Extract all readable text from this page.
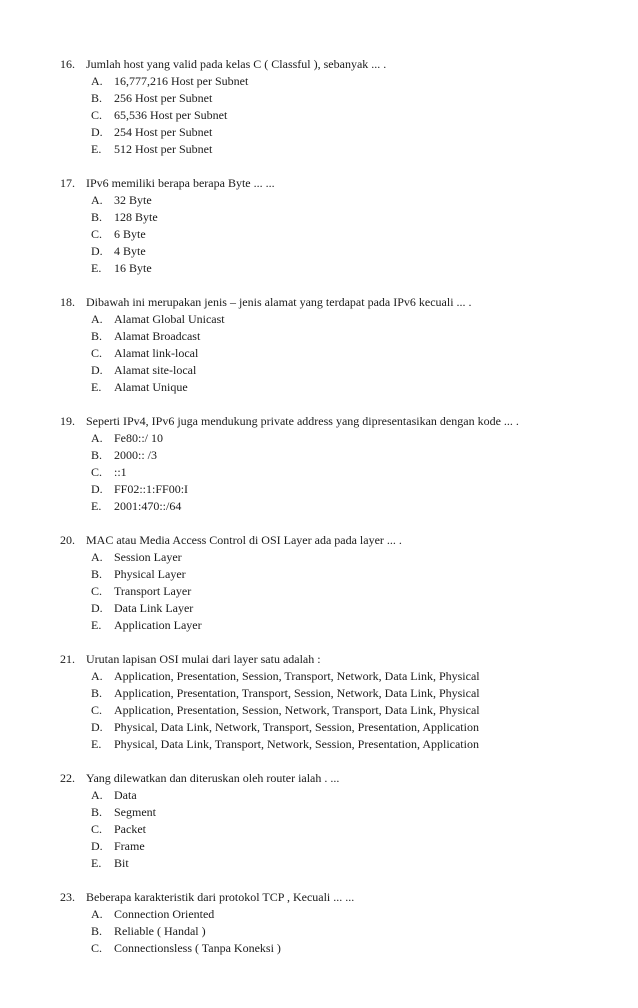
16. Jumlah host yang valid pada kelas C ( Classful ), sebanyak ... .
A. 16,777,216 Host per Subnet
B. 256 Host per Subnet
C. 65,536 Host per Subnet
D. 254 Host per Subnet
E.	512 Host per Subnet
17. IPv6 memiliki berapa berapa Byte ... ...
A. 32 Byte
B. 128 Byte
C. 6 Byte
D. 4 Byte
E.	16 Byte
18. Dibawah ini merupakan jenis – jenis alamat yang terdapat pada IPv6 kecuali ... .
A. Alamat Global Unicast
B. Alamat Broadcast
C. Alamat link-local
D. Alamat site-local
E.	Alamat Unique
19. Seperti IPv4, IPv6 juga mendukung private address yang dipresentasikan dengan kode ... .
A. Fe80::/ 10
B. 2000:: /3
C. ::1
D. FF02::1:FF00:I
E.	2001:470::/64
20. MAC atau Media Access Control di OSI Layer ada pada layer ... .
A. Session Layer
B. Physical Layer
C. Transport Layer
D. Data Link Layer
E.	Application Layer
21. Urutan lapisan OSI mulai dari layer satu adalah :
A. Application, Presentation, Session, Transport, Network, Data Link, Physical
B. Application, Presentation, Transport, Session, Network, Data Link, Physical
C. Application, Presentation, Session, Network, Transport, Data Link, Physical
D. Physical, Data Link, Network, Transport, Session, Presentation, Application
E.	Physical, Data Link, Transport, Network, Session, Presentation, Application
22. Yang dilewatkan dan diteruskan oleh router ialah . ...
A. Data
B. Segment
C. Packet
D. Frame
E.	Bit
23. Beberapa karakteristik dari protokol TCP , Kecuali ... ...
A. Connection Oriented
B. Reliable ( Handal )
C. Connectionsless ( Tanpa Koneksi )
